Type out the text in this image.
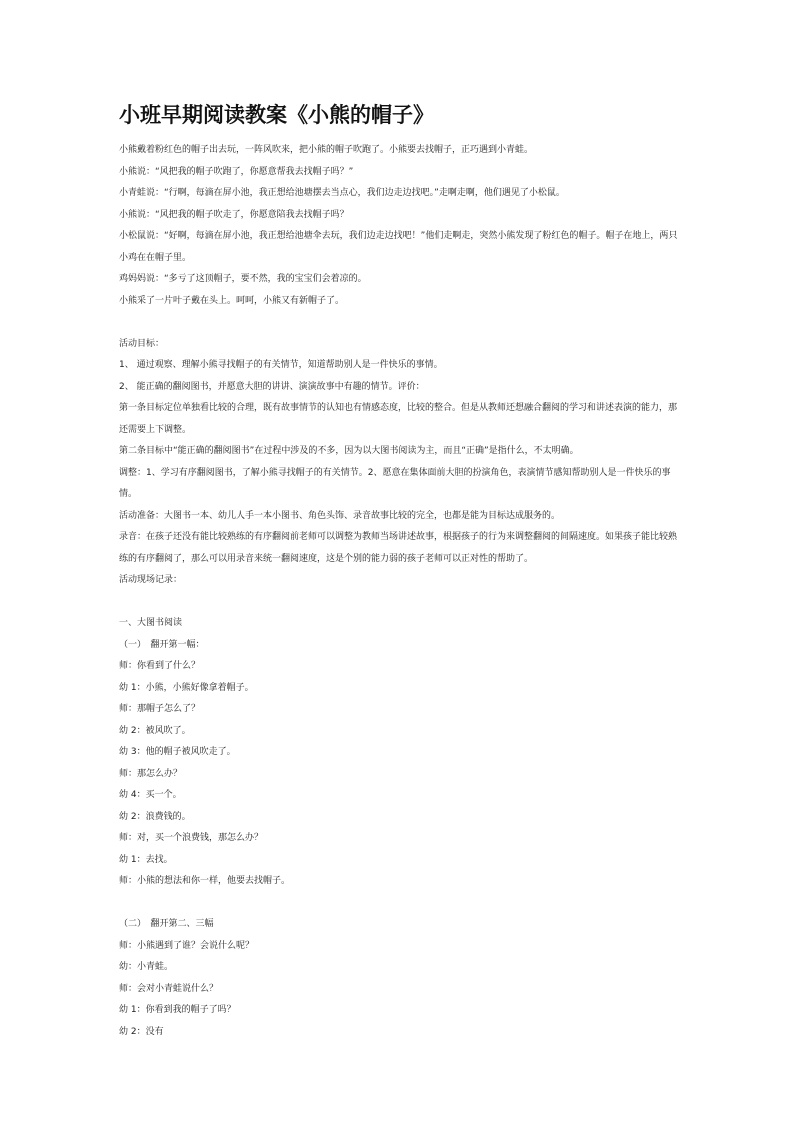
小班早期阅读教案《小熊的帽子》
小熊戴着粉红色的帽子出去玩，一阵风吹来，把小熊的帽子吹跑了。小熊要去找帽子，正巧遇到小青蛙。
小熊说：“风把我的帽子吹跑了，你愿意帮我去找帽子吗？”
小青蛙说：“行啊，每滴在屏小池，我正想给池塘摆去当点心，我们边走边找吧。”走啊走啊，他们遇见了小松鼠。
小熊说：“风把我的帽子吹走了，你愿意陪我去找帽子吗？
小松鼠说：“好啊，每滴在屏小池，我正想给池塘伞去玩，我们边走边找吧！”他们走啊走，突然小熊发现了粉红色的帽子。帽子在地上，两只小鸡在在帽子里。
鸡妈妈说：“多亏了这顶帽子，要不然，我的宝宝们会着凉的。
小熊采了一片叶子戴在头上。呵呵，小熊又有新帽子了。
活动目标：
1、 通过观察、理解小熊寻找帽子的有关情节，知道帮助别人是一件快乐的事情。
2、 能正确的翻阅图书，并愿意大胆的讲讲、演演故事中有趣的情节。评价：
第一条目标定位单独看比较的合理，既有故事情节的认知也有情感态度，比较的整合。但是从教师还想融合翻阅的学习和讲述表演的能力，那还需要上下调整。
第二条目标中“能正确的翻阅图书”在过程中涉及的不多，因为以大图书阅读为主，而且“正确”是指什么，不太明确。
调整：1、学习有序翻阅图书，了解小熊寻找帽子的有关情节。2、愿意在集体面前大胆的扮演角色，表演情节感知帮助别人是一件快乐的事情。
活动准备：大图书一本、幼儿人手一本小图书、角色头饰、录音故事比较的完全，也都是能为目标达成服务的。
录音：在孩子还没有能比较熟练的有序翻阅前老师可以调整为教师当场讲述故事，根据孩子的行为来调整翻阅的间隔速度。如果孩子能比较熟练的有序翻阅了，那么可以用录音来统一翻阅速度，这是个别的能力弱的孩子老师可以正对性的帮助了。
活动现场记录：
一、大图书阅读
（一）　翻开第一幅：
师：你看到了什么？
幼 1：小熊，小熊好像拿着帽子。
师：那帽子怎么了？
幼 2：被风吹了。
幼 3：他的帽子被风吹走了。
师：那怎么办？
幼 4：买一个。
幼 2：浪费钱的。
师：对，买一个浪费钱，那怎么办？
幼 1：去找。
师：小熊的想法和你一样，他要去找帽子。
（二）　翻开第二、三幅
师：小熊遇到了谁？会说什么呢？
幼：小青蛙。
师：会对小青蛙说什么？
幼 1：你看到我的帽子了吗？
幼 2：没有
